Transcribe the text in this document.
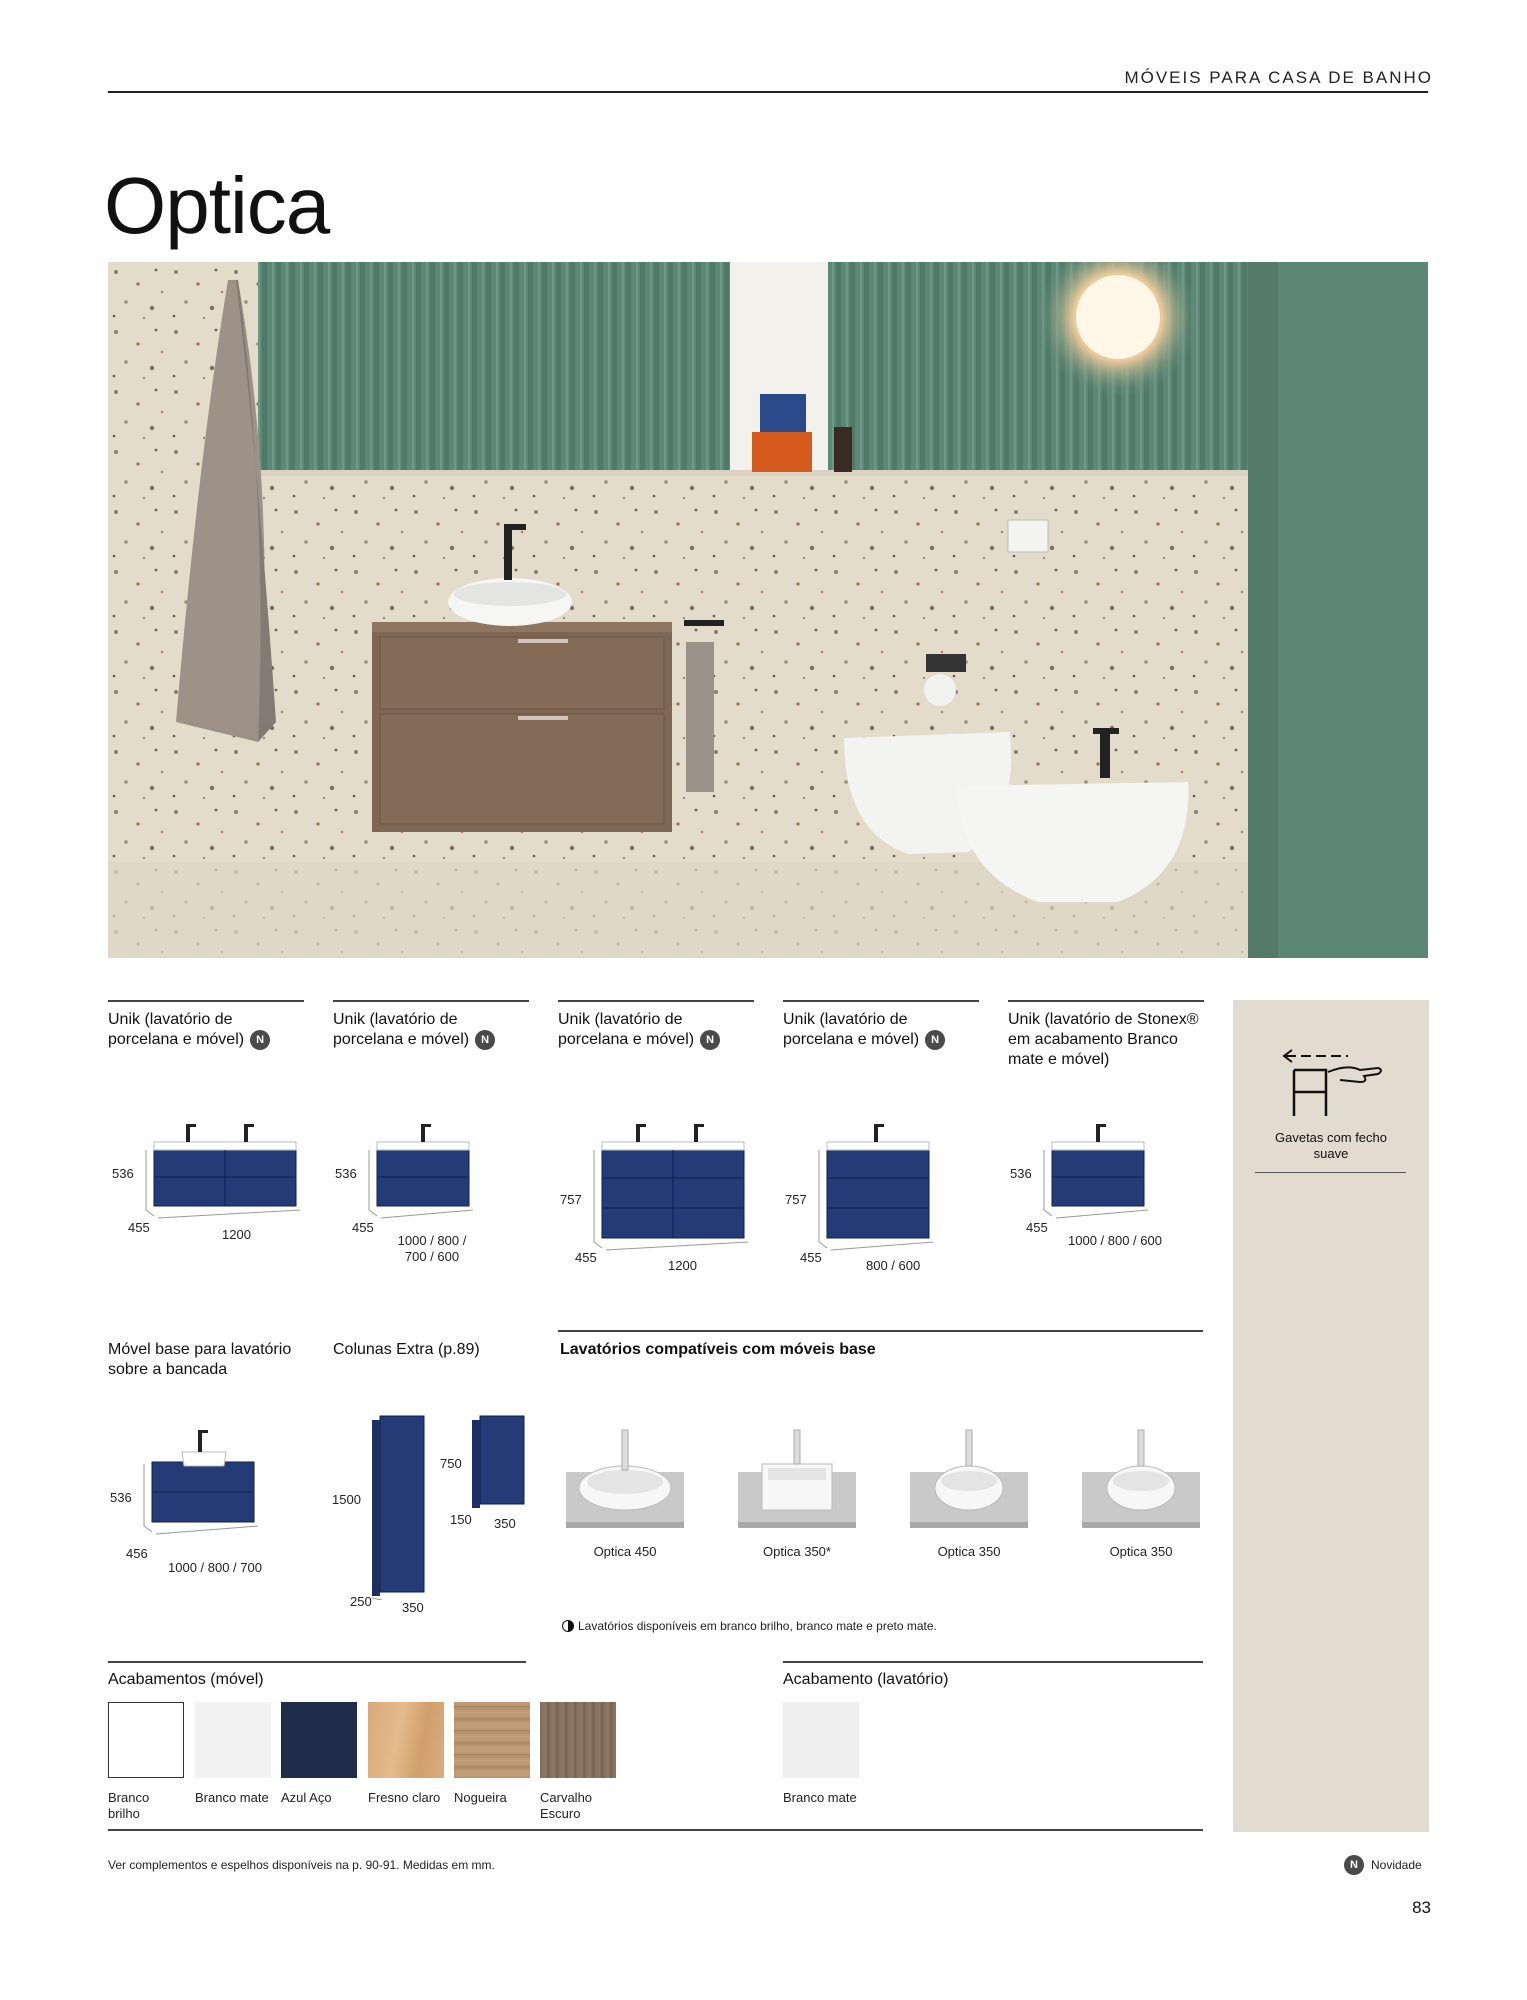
MÓVEIS PARA CASA DE BANHO
Optica
Gavetas com fecho suave
Unik (lavatório de porcelana e móvel) N
Unik (lavatório de porcelana e móvel) N
Unik (lavatório de porcelana e móvel) N
Unik (lavatório de porcelana e móvel) N
Unik (lavatório de Stonex® em acabamento Branco mate e móvel)
536
455	1200
536
455
1000 / 800 / 700 / 600
757
455
1200
757
455
800 / 600
536
455
1000 / 800 / 600
Móvel base para lavatório sobre a bancada
536
456
1000 / 800 / 700
Colunas Extra (p.89)
1500
250 350
750
150 350
Lavatórios compatíveis com móveis base
Optica 450	Optica 350*	Optica 350	Optica 350
Lavatórios disponíveis em branco brilho, branco mate e preto mate.
Acabamentos (móvel)	Acabamento (lavatório)
Branco brilho
Branco mate Azul Aço	Fresno claro Nogueira	Carvalho Escuro
Branco mate
Ver complementos e espelhos disponíveis na p. 90-91. Medidas em mm.	N	Novidade
83
